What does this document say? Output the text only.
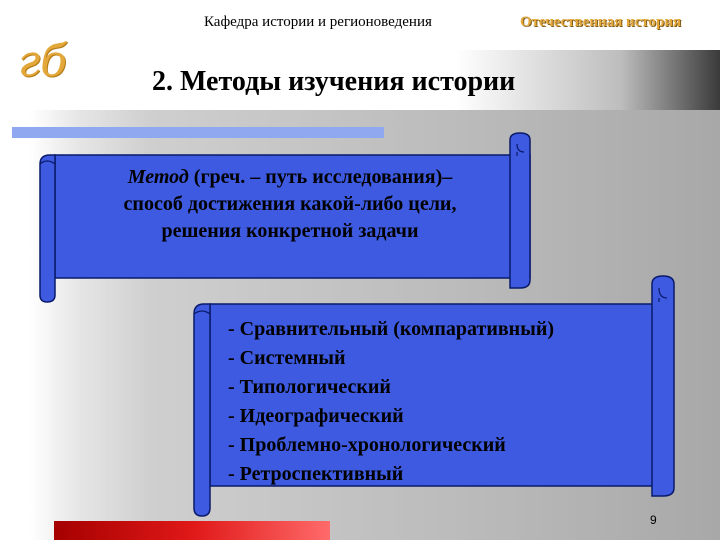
Кафедра истории и регионоведения	Отечественная история
гб	2. Методы изучения истории
Метод (греч. – путь исследования)–
способ достижения какой-либо цели,
решения конкретной задачи
- Сравнительный (компаративный)
- Системный
- Типологический
- Идеографический
- Проблемно-хронологический
- Ретроспективный
9
